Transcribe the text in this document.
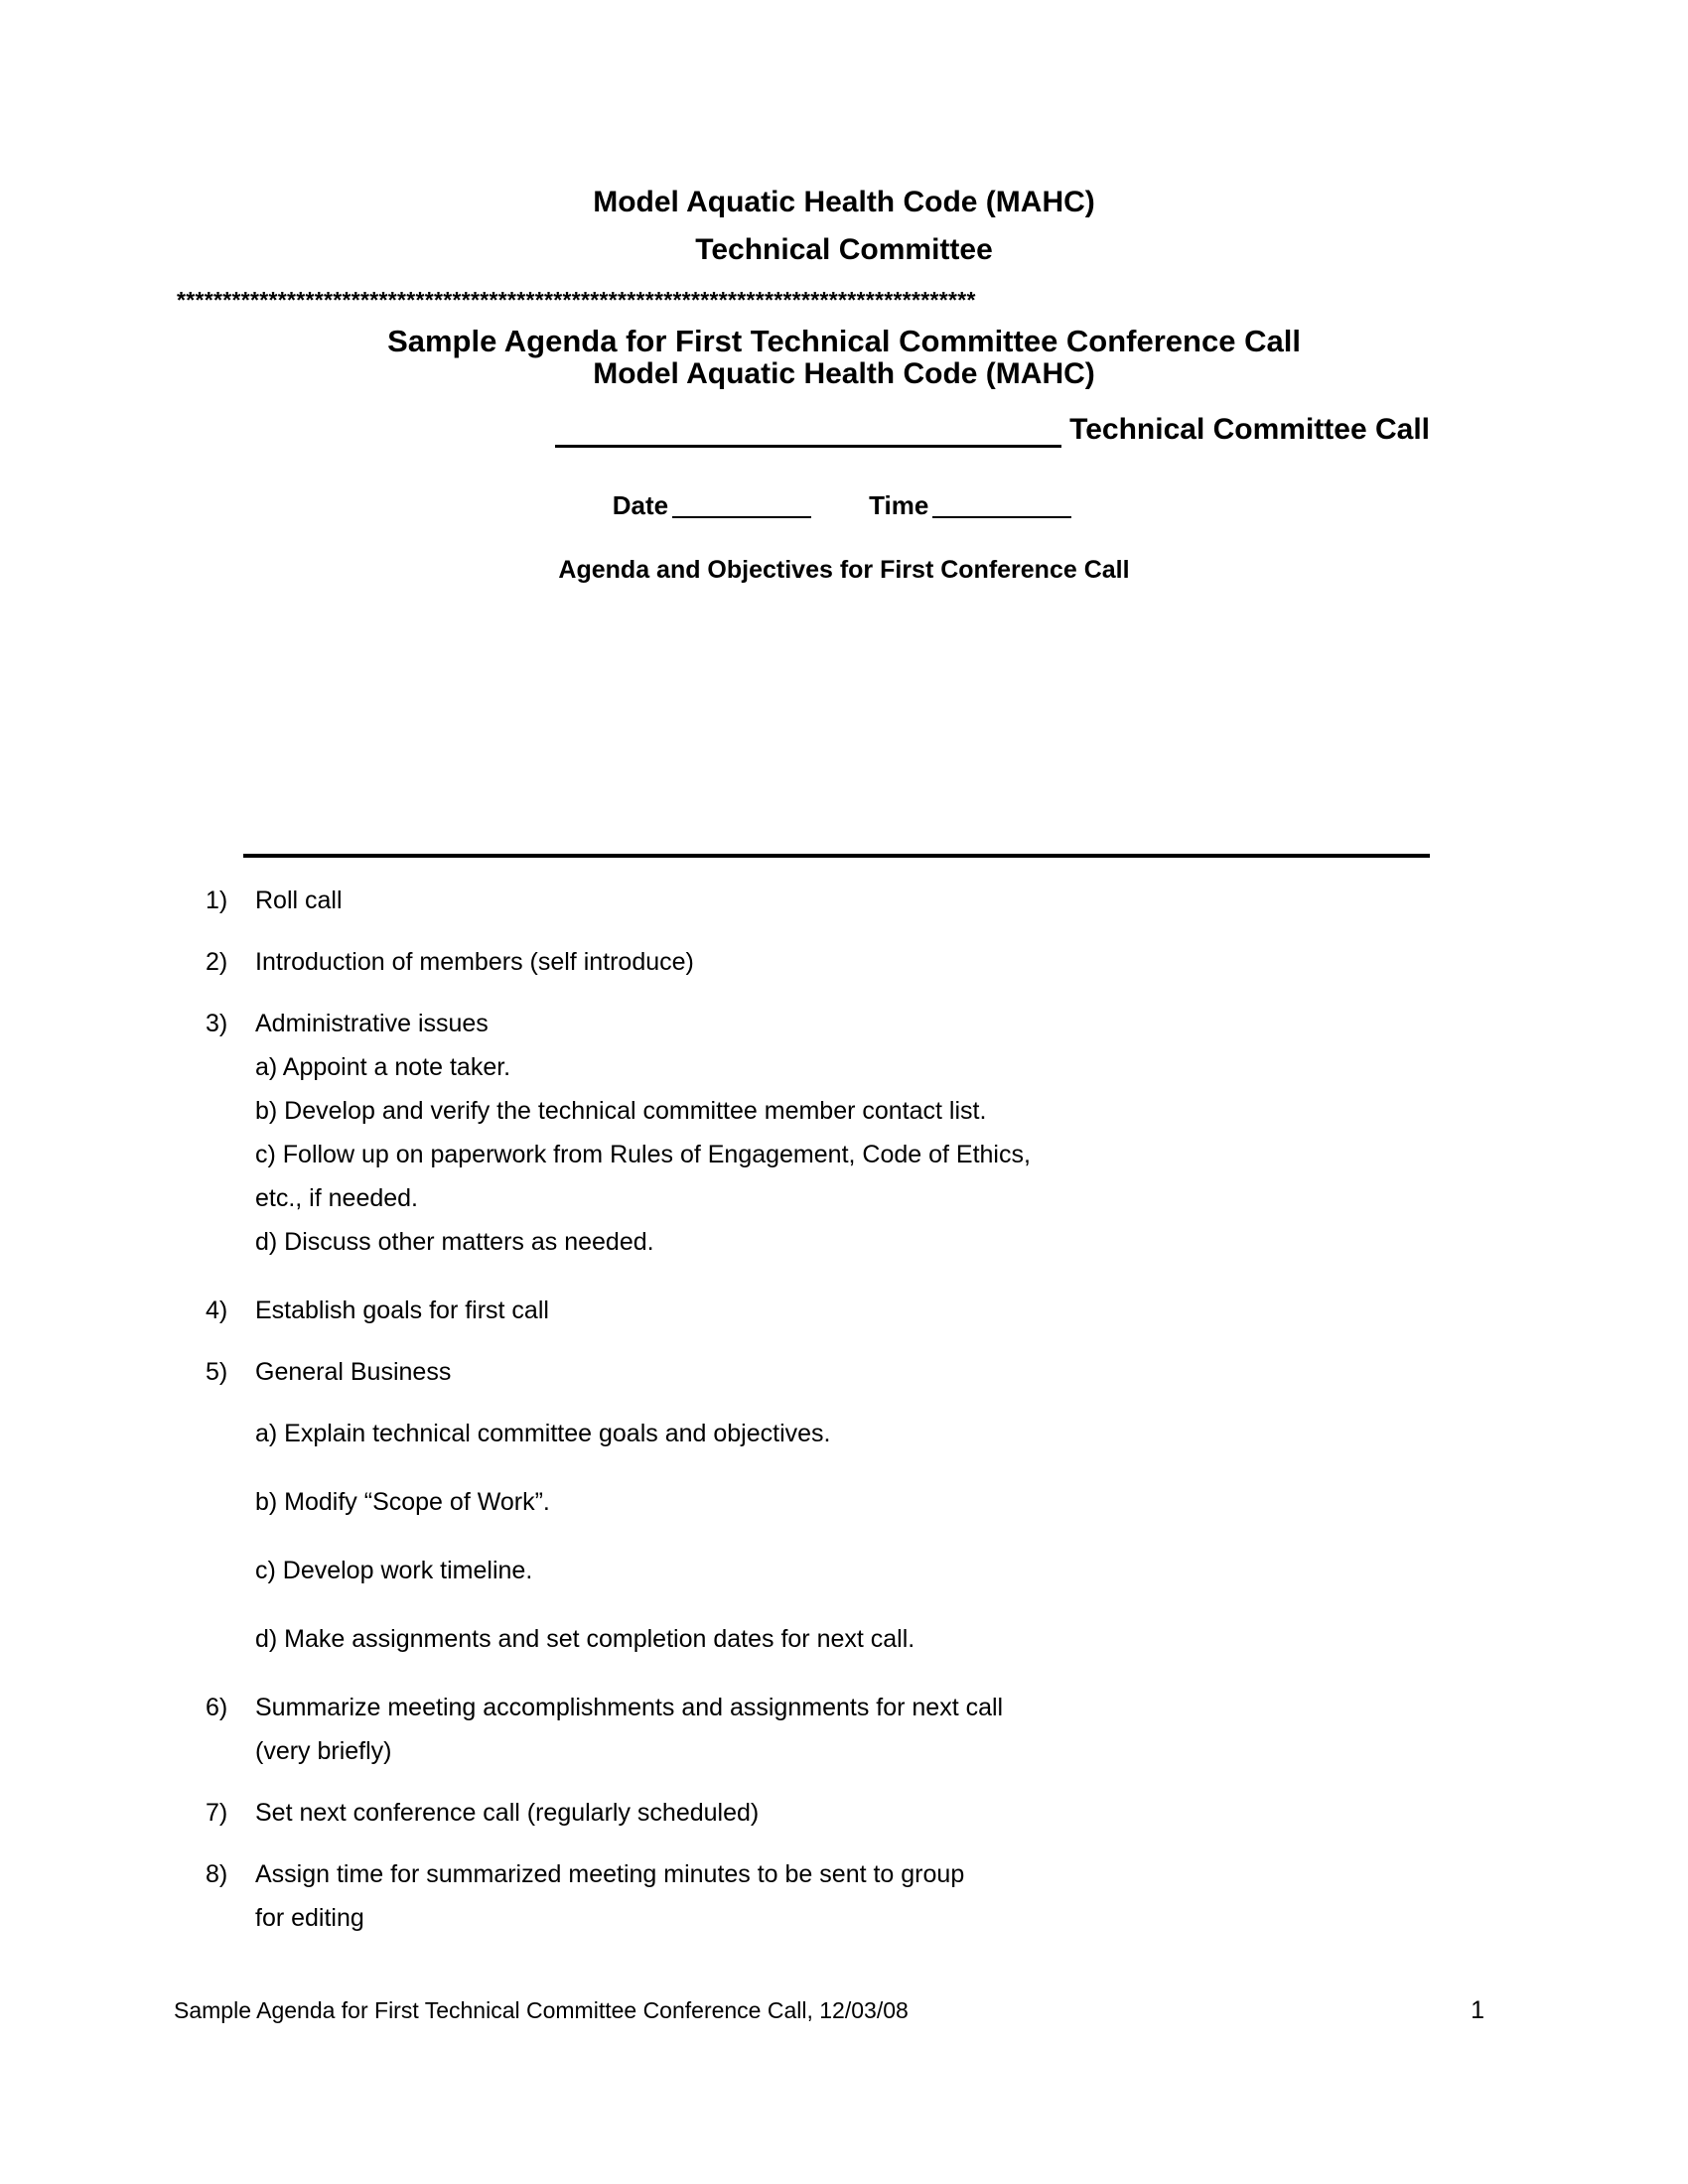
Model Aquatic Health Code (MAHC)
Technical Committee
Sample Agenda for First Technical Committee Conference Call
***************************************************************************************
Model Aquatic Health Code (MAHC)
Technical Committee Call
Date	Time
Agenda and Objectives for First Conference Call
1)	Roll call
2)	Introduction of members (self introduce)
3)	Administrative issues
a) Appoint a note taker.
b) Develop and verify the technical committee member contact list.
c) Follow up on paperwork from Rules of Engagement, Code of Ethics,
etc., if needed.
d) Discuss other matters as needed.
4)	Establish goals for first call
5)	General Business
a) Explain technical committee goals and objectives.
b) Modify “Scope of Work”.
c) Develop work timeline.
d) Make assignments and set completion dates for next call.
6)	Summarize meeting accomplishments and assignments for next call
(very briefly)
7)	Set next conference call (regularly scheduled)
8)	Assign time for summarized meeting minutes to be sent to group
for editing
Sample Agenda for First Technical Committee Conference Call, 12/03/08	1
